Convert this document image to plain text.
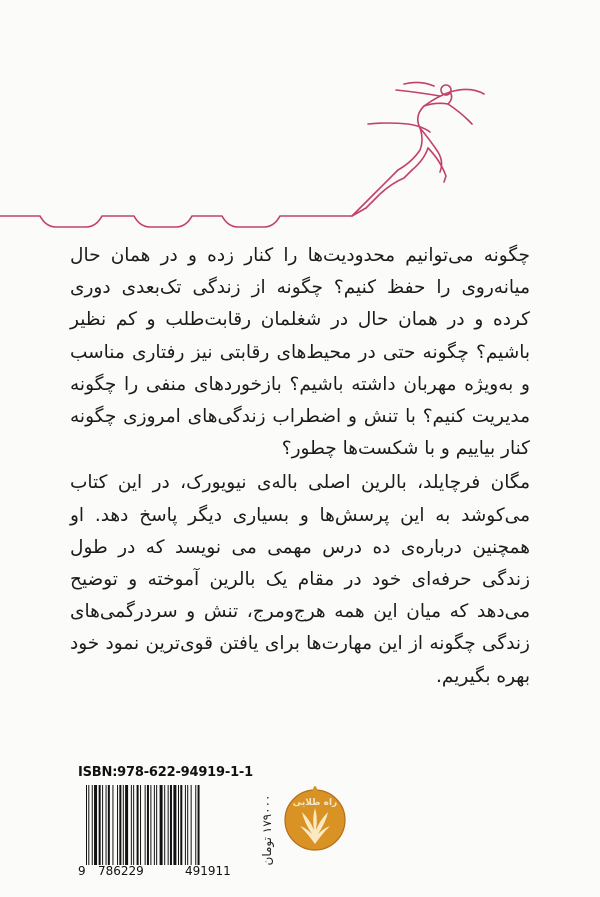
چگونه می‌توانیم محدودیت‌ها را کنار زده و در همان حال میانه‌روی را حفظ کنیم؟ چگونه از زندگی تک‌بعدی دوری کرده و در همان حال در شغلمان رقابت‌طلب و کم نظیر باشیم؟ چگونه حتی در محیط‌های رقابتی نیز رفتاری مناسب و به‌ویژه مهربان داشته باشیم؟ بازخوردهای منفی را چگونه مدیریت کنیم؟ با تنش و اضطراب زندگی‌های امروزی چگونه کنار بیاییم و با شکست‌ها چطور؟

مگان فرچایلد، بالرین اصلی باله‌ی نیویورک، در این کتاب می‌کوشد به این پرسش‌ها و بسیاری دیگر پاسخ دهد. او همچنین درباره‌ی ده درس مهمی می نویسد که در طول زندگی حرفه‌ای خود در مقام یک بالرین آموخته و توضیح می‌دهد که میان این همه هرج‌ومرج، تنش و سردرگمی‌های زندگی چگونه از این مهارت‌ها برای یافتن قوی‌ترین نمود خود بهره بگیریم.

ISBN:978-622-94919-1-1
9 786229	491911
۱۷۹۰۰۰ تومان	راه طلایی
